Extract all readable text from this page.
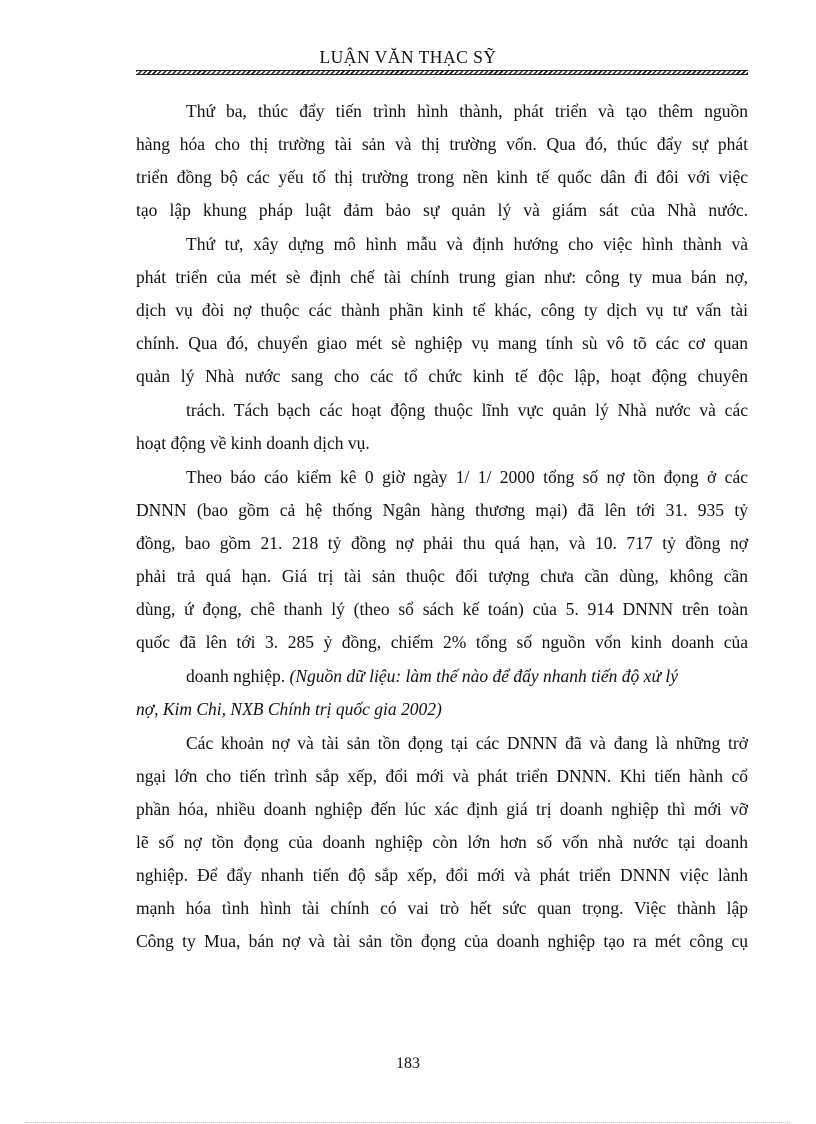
LUẬN VĂN THẠC SỸ
Thứ ba, thúc đẩy tiến trình hình thành, phát triển và tạo thêm nguồn
hàng hóa cho thị trường tài sản và thị trường vốn. Qua đó, thúc đẩy sự phát
triển đồng bộ các yếu tố thị trường trong nền kinh tế quốc dân đi đôi với việc
tạo lập khung pháp luật đảm bảo sự quản lý và giám sát của Nhà nước.
Thứ tư, xây dựng mô hình mẫu và định hướng cho việc hình thành và
phát triển của mét sè định chế tài chính trung gian như: công ty mua bán nợ,
dịch vụ đòi nợ thuộc các thành phần kinh tế khác, công ty dịch vụ tư vấn tài
chính. Qua đó, chuyển giao mét sè nghiệp vụ mang tính sù vô tõ các cơ quan
quản lý Nhà nước sang cho các tổ chức kinh tế độc lập, hoạt động chuyên
trách. Tách bạch các hoạt động thuộc lĩnh vực quản lý Nhà nước và các
hoạt động về kinh doanh dịch vụ.
Theo báo cáo kiểm kê 0 giờ ngày 1/ 1/ 2000 tổng số nợ tồn đọng ở các
DNNN (bao gồm cả hệ thống Ngân hàng thương mại) đã lên tới 31. 935 tỷ
đồng, bao gồm 21. 218 tỷ đồng nợ phải thu quá hạn, và 10. 717 tỷ đồng nợ
phải trả quá hạn. Giá trị tài sản thuộc đối tượng chưa cần dùng, không cần
dùng, ứ đọng, chê thanh lý (theo sổ sách kế toán) của 5. 914 DNNN trên toàn
quốc đã lên tới 3. 285 ỷ đồng, chiếm 2% tổng số nguồn vốn kinh doanh của
doanh nghiệp. (Nguồn dữ liệu: làm thế nào để đẩy nhanh tiến độ xử lý
nợ, Kim Chi, NXB Chính trị quốc gia 2002)
Các khoản nợ và tài sản tồn đọng tại các DNNN đã và đang là những trở
ngại lớn cho tiến trình sắp xếp, đổi mới và phát triển DNNN. Khi tiến hành cổ
phần hóa, nhiều doanh nghiệp đến lúc xác định giá trị doanh nghiệp thì mới vỡ
lẽ số nợ tồn đọng của doanh nghiệp còn lớn hơn số vốn nhà nước tại doanh
nghiệp. Để đẩy nhanh tiến độ sắp xếp, đổi mới và phát triển DNNN việc lành
mạnh hóa tình hình tài chính có vai trò hết sức quan trọng. Việc thành lập
Công ty Mua, bán nợ và tài sản tồn đọng của doanh nghiệp tạo ra mét công cụ
183
